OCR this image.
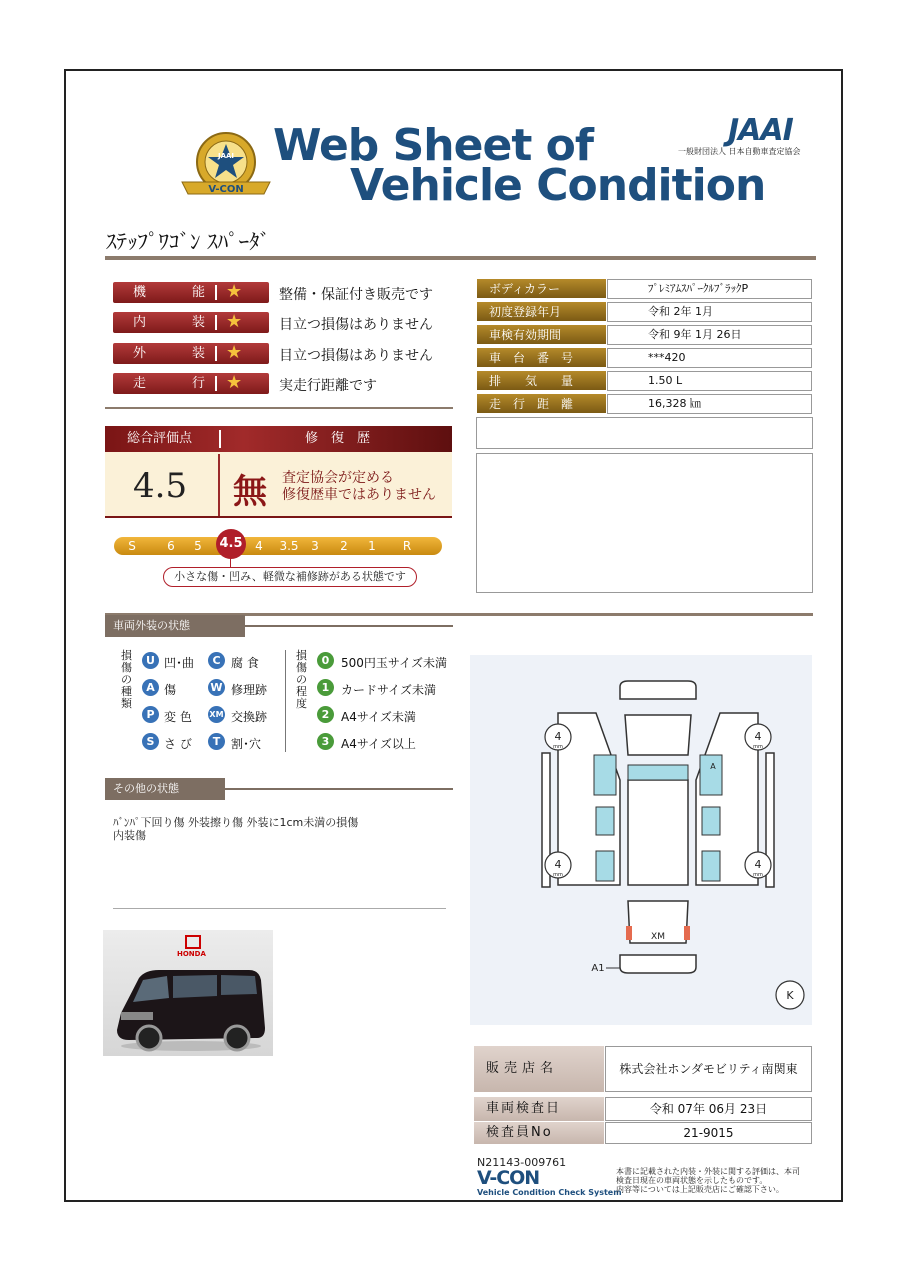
V-CON
JAAI Web Sheet of
Vehicle Condition
JAAI
一般財団法人 日本自動車査定協会
ｽﾃｯﾌﾟﾜｺﾞﾝ ｽﾊﾟｰﾀﾞ
機　能 ★	整備・保証付き販売です
内　装 ★	目立つ損傷はありません
外　装 ★	目立つ損傷はありません
走　行 ★	実走行距離です
ボディカラー	ﾌﾟﾚﾐｱﾑｽﾊﾟｰｸﾙﾌﾞﾗｯｸP
初度登録年月	令和 2年 1月
車検有効期間	令和 9年 1月 26日
車　台　番　号	***420
排　　気　　量	1.50 L
走　行　距　離	16,328 ㎞
総合評価点	修　復　歴
4.5 無 査定協会が定める
修復歴車ではありません
S	6	5	4.5	4	3.5	3	2	1	R
小さな傷・凹み、軽微な補修跡がある状態です
車両外装の状態
損傷の種類
U 凹･曲	C 腐 食
A 傷	W 修理跡
P 変 色 XM 交換跡
S さ び	T 割･穴
損傷の程度
0 500円玉サイズ未満
1 カードサイズ未満
2 A4サイズ未満
3 A4サイズ以上
その他の状態
ﾊﾞﾝﾊﾟ下回り傷 外装擦り傷 外装に1cm未満の損傷
内装傷
HONDA
4
mm
4
mm
4
mm
4
mm
XM
A1
A
K
販売店名	株式会社ホンダモビリティ南関東
車両検査日	令和 07年 06月 23日
検査員No	21-9015
N21143-009761
V-CON
Vehicle Condition Check System
本書に記載された内装・外装に関する評価は、本司
検査日現在の車両状態を示したものです。
内容等については上記販売店にご確認下さい。
